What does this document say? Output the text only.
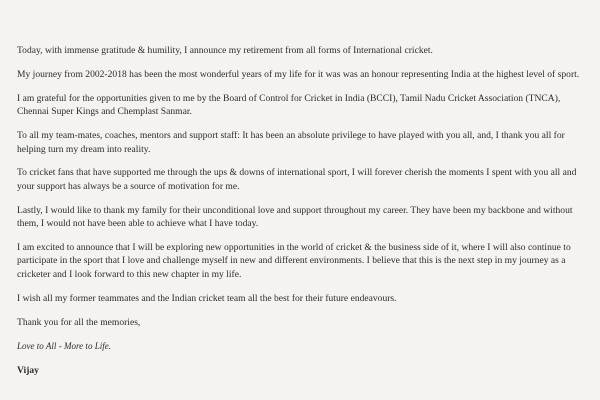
Today, with immense gratitude & humility, I announce my retirement from all forms of International cricket.

My journey from 2002-2018 has been the most wonderful years of my life for it was was an honour representing India at the highest level of sport.

I am grateful for the opportunities given to me by the Board of Control for Cricket in India (BCCI), Tamil Nadu Cricket Association (TNCA), Chennai Super Kings and Chemplast Sanmar.

To all my team-mates, coaches, mentors and support staff: It has been an absolute privilege to have played with you all, and, I thank you all for helping turn my dream into reality.

To cricket fans that have supported me through the ups & downs of international sport, I will forever cherish the moments I spent with you all and your support has always be a source of motivation for me.

Lastly, I would like to thank my family for their unconditional love and support throughout my career. They have been my backbone and without them, I would not have been able to achieve what I have today.

I am excited to announce that I will be exploring new opportunities in the world of cricket & the business side of it, where I will also continue to participate in the sport that I love and challenge myself in new and different environments. I believe that this is the next step in my journey as a cricketer and I look forward to this new chapter in my life.

I wish all my former teammates and the Indian cricket team all the best for their future endeavours.

Thank you for all the memories,

Love to All - More to Life.

Vijay
